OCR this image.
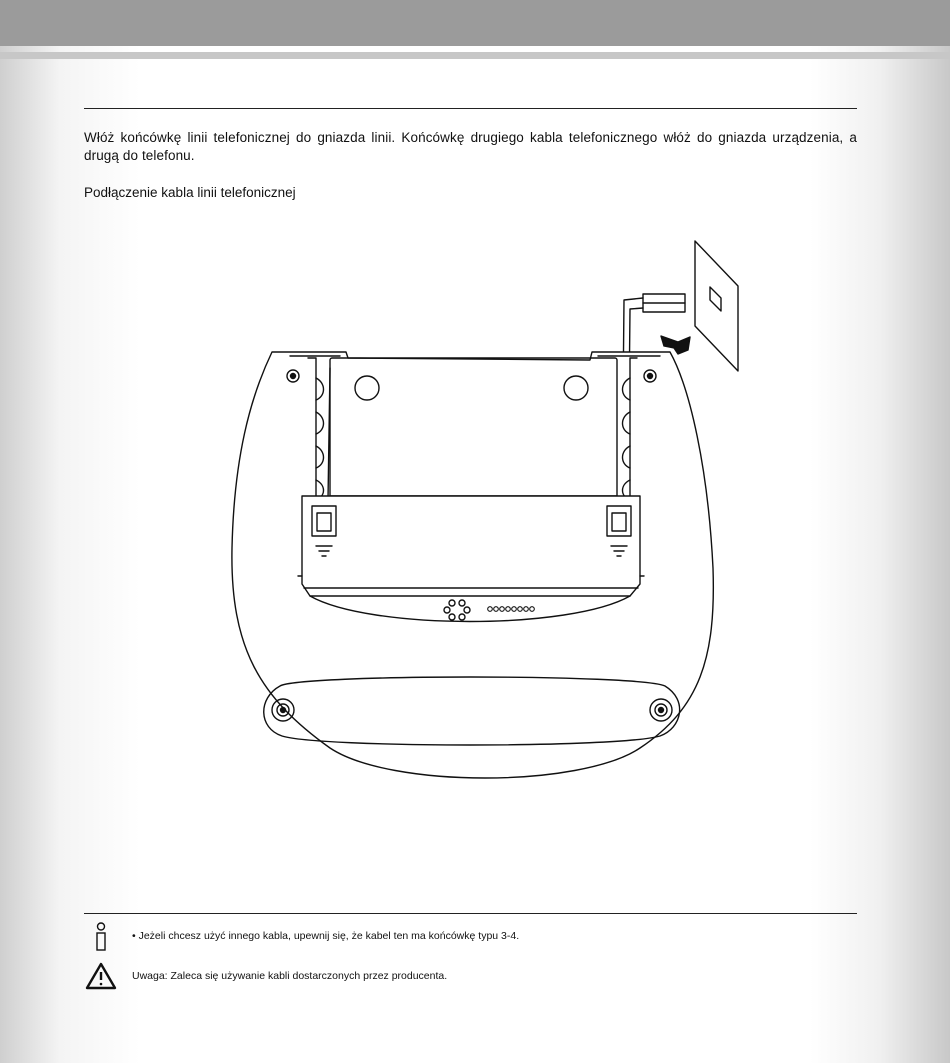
Włóż końcówkę linii telefonicznej do gniazda linii. Końcówkę drugiego kabla telefonicznego włóż do gniazda urządzenia, a drugą do telefonu.

Podłączenie kabla linii telefonicznej

• Jeżeli chcesz użyć innego kabla, upewnij się, że kabel ten ma końcówkę typu 3-4.
Uwaga: Zaleca się używanie kabli dostarczonych przez producenta.
